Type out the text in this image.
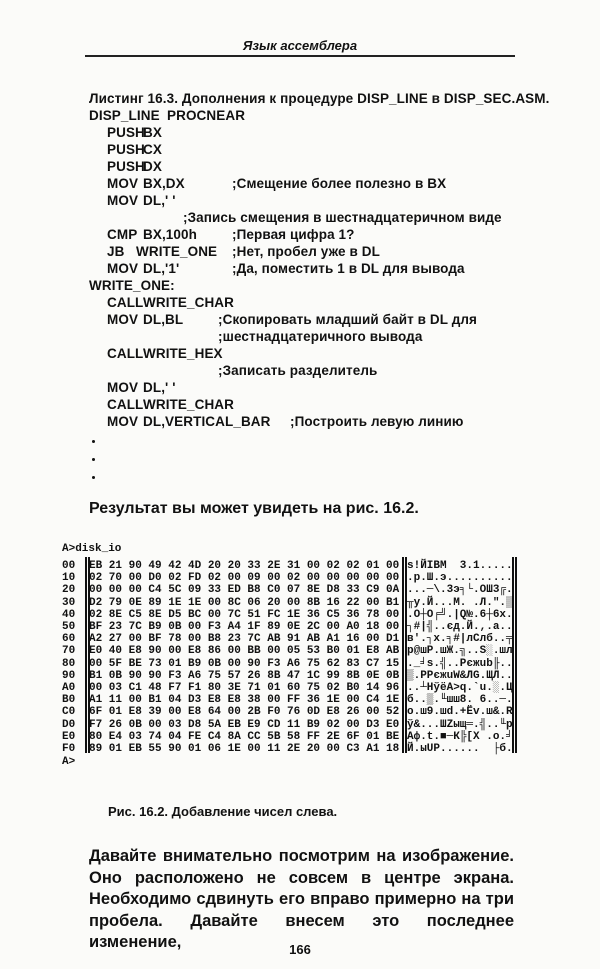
Язык ассемблера
Листинг 16.3. Дополнения к процедуре DISP_LINE в DISP_SEC.ASM.
DISP_LINE PROCNEAR
PUSH
BX
PUSH
CX
PUSH
DX
MOV BX,DX	;Смещение более полезно в BX
MOV DL,' '
;Запись смещения в шестнадцатеричном виде
CMP BX,100h	;Первая цифра 1?
JB WRITE_ONE ;Нет, пробел уже в DL
MOV DL,'1'	;Да, поместить 1 в DL для вывода
WRITE_ONE:
CALL WRITE_CHAR
MOV DL,BL	;Скопировать младший байт в DL для
;шестнадцатеричного вывода
CALL WRITE_HEX
;Записать разделитель
MOV DL,' '
CALL WRITE_CHAR
MOV DL,VERTICAL_BAR ;Построить левую линию
Результат вы может увидеть на рис. 16.2.
A>disk_io
A>
00 EB 21 90 49 42 4D 20 20 33 2E 31 00 02 02 01 00 ѕ!ЙIBM  3.1.....
10 02 70 00 D0 02 FD 02 00 09 00 02 00 00 00 00 00 .p.Ш.э..........
20 00 00 00 C4 5C 09 33 ED B8 C0 07 8E D8 33 C9 0A ...─\.3э╕└.ОШ3╔.
30 D2 79 0E 89 1E 1E 00 8C 06 20 00 8B 16 22 00 B1 ╥y.Й...М. .Л.".▒
40 02 8E C5 8E D5 BC 00 7C 51 FC 1E 36 C5 36 78 00 .О┼О╒╝.|Q№.6┼6x.
50 BF 23 7C B9 0B 00 F3 A4 1F 89 0E 2C 00 A0 18 00 ┐#|╣..єд.Й.,.а..
60 A2 27 00 BF 78 00 B8 23 7C AB 91 AB A1 16 00 D1 в'.┐x.╕#|лСлб..╤
70 E0 40 E8 90 00 E8 86 00 BB 00 05 53 B0 01 E8 AB р@шР.шЖ.╗..S░.шл
80 00 5F BE 73 01 B9 0B 00 90 F3 A6 75 62 83 C7 15 ._╛s.╣..Рєжub╟..
90 B1 0B 90 90 F3 A6 75 57 26 8B 47 1C 99 8B 0E 0B ▒.РРєжuW&ЛG.ЩЛ..
A0 00 03 C1 48 F7 F1 80 3E 71 01 60 75 02 B0 14 96 ..┴HўёА>q.`u.░.Ц
B0 A1 11 00 B1 04 D3 E8 E8 38 00 FF 36 1E 00 C4 1E б..▒.╙шш8. 6..─.
C0 6F 01 E8 39 00 E8 64 00 2B F0 76 0D E8 26 00 52 o.ш9.шd.+Ёv.ш&.R
D0 F7 26 0B 00 03 D8 5A EB E9 CD 11 B9 02 00 D3 E0 ў&...ШZыщ═.╣..╙р
E0 80 E4 03 74 04 FE C4 8A CC 5B 58 FF 2E 6F 01 BE Аф.t.■─К╠[X .o.╛
F0 89 01 EB 55 90 01 06 1E 00 11 2E 20 00 C3 A1 18 Й.ыUР......  ├б.
Рис. 16.2. Добавление чисел слева.
Давайте внимательно посмотрим на изображение.
Оно расположено не совсем в центре экрана.
Необходимо сдвинуть его вправо примерно на три
пробела. Давайте внесем это последнее изменение,	166
